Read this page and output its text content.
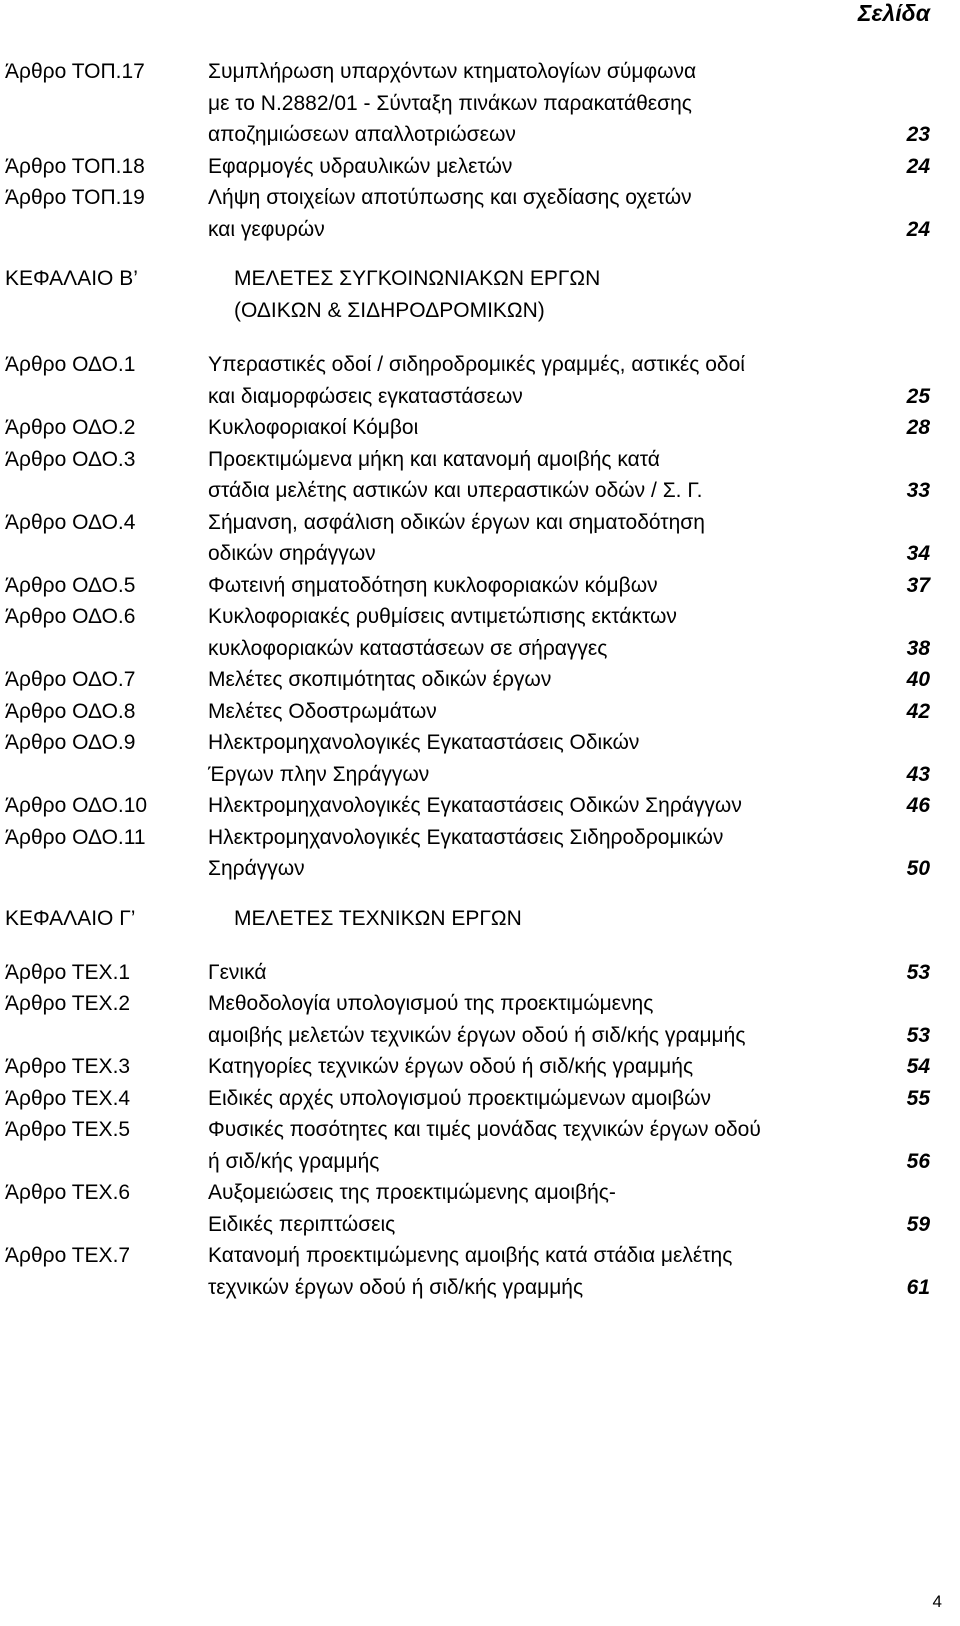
Σελίδα
Άρθρο ΤΟΠ.17	Συμπλήρωση υπαρχόντων κτηματολογίων σύμφωνα
με το Ν.2882/01 - Σύνταξη πινάκων παρακατάθεσης
αποζημιώσεων απαλλοτριώσεων	23
Άρθρο ΤΟΠ.18	Εφαρμογές υδραυλικών μελετών	24
Άρθρο ΤΟΠ.19	Λήψη στοιχείων αποτύπωσης και σχεδίασης οχετών
και γεφυρών	24
ΚΕΦΑΛΑΙΟ Β’	ΜΕΛΕΤΕΣ ΣΥΓΚΟΙΝΩΝΙΑΚΩΝ ΕΡΓΩΝ
(ΟΔΙΚΩΝ & ΣΙΔΗΡΟΔΡΟΜΙΚΩΝ)
Άρθρο ΟΔΟ.1	Υπεραστικές οδοί / σιδηροδρομικές γραμμές, αστικές οδοί
και διαμορφώσεις εγκαταστάσεων	25
Άρθρο ΟΔΟ.2	Κυκλοφοριακοί Κόμβοι	28
Άρθρο ΟΔΟ.3	Προεκτιμώμενα μήκη και κατανομή αμοιβής κατά
στάδια μελέτης αστικών και υπεραστικών οδών / Σ. Γ.	33
Άρθρο ΟΔΟ.4	Σήμανση, ασφάλιση οδικών έργων και σηματοδότηση
οδικών σηράγγων	34
Άρθρο ΟΔΟ.5	Φωτεινή σηματοδότηση κυκλοφοριακών κόμβων	37
Άρθρο ΟΔΟ.6	Κυκλοφοριακές ρυθμίσεις αντιμετώπισης εκτάκτων
κυκλοφοριακών καταστάσεων σε σήραγγες	38
Άρθρο ΟΔΟ.7	Μελέτες σκοπιμότητας οδικών έργων	40
Άρθρο ΟΔΟ.8	Μελέτες Οδοστρωμάτων	42
Άρθρο ΟΔΟ.9	Ηλεκτρομηχανολογικές Εγκαταστάσεις Οδικών
Έργων πλην Σηράγγων	43
Άρθρο ΟΔΟ.10	Ηλεκτρομηχανολογικές Εγκαταστάσεις Οδικών Σηράγγων	46
Άρθρο ΟΔΟ.11	Ηλεκτρομηχανολογικές Εγκαταστάσεις Σιδηροδρομικών
Σηράγγων	50
ΚΕΦΑΛΑΙΟ Γ’	ΜΕΛΕΤΕΣ ΤΕΧΝΙΚΩΝ ΕΡΓΩΝ
Άρθρο ΤΕΧ.1	Γενικά	53
Άρθρο ΤΕΧ.2	Μεθοδολογία υπολογισμού της προεκτιμώμενης
αμοιβής μελετών τεχνικών έργων οδού ή σιδ/κής γραμμής	53
Άρθρο ΤΕΧ.3	Κατηγορίες τεχνικών έργων οδού ή σιδ/κής γραμμής	54
Άρθρο ΤΕΧ.4	Ειδικές αρχές υπολογισμού προεκτιμώμενων αμοιβών	55
Άρθρο ΤΕΧ.5	Φυσικές ποσότητες και τιμές μονάδας τεχνικών έργων οδού
ή σιδ/κής γραμμής	56
Άρθρο ΤΕΧ.6	Αυξομειώσεις της προεκτιμώμενης αμοιβής-
Ειδικές περιπτώσεις	59
Άρθρο ΤΕΧ.7	Κατανομή προεκτιμώμενης αμοιβής κατά στάδια μελέτης
τεχνικών έργων οδού ή σιδ/κής γραμμής	61
4
